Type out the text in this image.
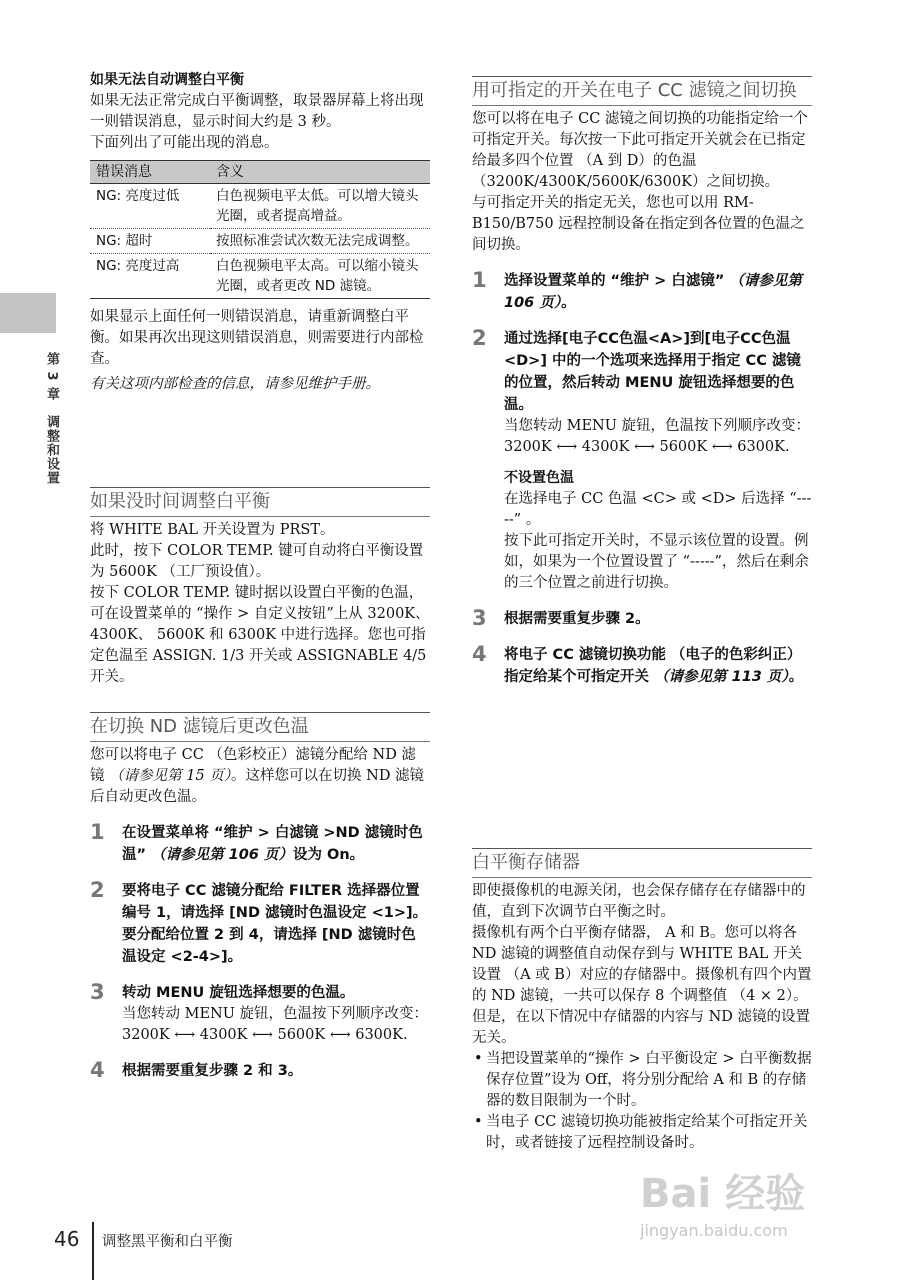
第 3 章　调整和设置

如果无法自动调整白平衡

如果无法正常完成白平衡调整，取景器屏幕上将出现一则错误消息，显示时间大约是 3 秒。

下面列出了可能出现的消息。

错误消息	含义
NG: 亮度过低	白色视频电平太低。可以增大镜头光圈，或者提高增益。
NG: 超时	按照标准尝试次数无法完成调整。
NG: 亮度过高	白色视频电平太高。可以缩小镜头光圈，或者更改 ND 滤镜。

如果显示上面任何一则错误消息，请重新调整白平衡。如果再次出现这则错误消息，则需要进行内部检查。

有关这项内部检查的信息，请参见维护手册。

如果没时间调整白平衡

将 WHITE BAL 开关设置为 PRST。

此时，按下 COLOR TEMP. 键可自动将白平衡设置为 5600K （工厂预设值）。

按下 COLOR TEMP. 键时据以设置白平衡的色温，可在设置菜单的 “操作 > 自定义按钮”上从 3200K、 4300K、 5600K 和 6300K 中进行选择。您也可指定色温至 ASSIGN. 1/3 开关或 ASSIGNABLE 4/5 开关。

在切换 ND 滤镜后更改色温

您可以将电子 CC （色彩校正）滤镜分配给 ND 滤镜 （请参见第 15 页）。这样您可以在切换 ND 滤镜后自动更改色温。

1 在设置菜单将 “维护 > 白滤镜 >ND 滤镜时色温” （请参见第 106 页）设为 On。
2 要将电子 CC 滤镜分配给 FILTER 选择器位置编号 1，请选择 [ND 滤镜时色温设定 <1>]。要分配给位置 2 到 4，请选择 [ND 滤镜时色温设定 <2-4>]。
3 转动 MENU 旋钮选择想要的色温。
当您转动 MENU 旋钮，色温按下列顺序改变：3200K ⟷ 4300K ⟷ 5600K ⟷ 6300K.
4 根据需要重复步骤 2 和 3。

用可指定的开关在电子 CC 滤镜之间切换

您可以将在电子 CC 滤镜之间切换的功能指定给一个可指定开关。每次按一下此可指定开关就会在已指定给最多四个位置 （A 到 D）的色温 （3200K/4300K/5600K/6300K）之间切换。

与可指定开关的指定无关，您也可以用 RM-B150/B750 远程控制设备在指定到各位置的色温之间切换。

1 选择设置菜单的 “维护 > 白滤镜” （请参见第 106 页）。
2 通过选择[电子CC色温<A>]到[电子CC色温 <D>] 中的一个选项来选择用于指定 CC 滤镜的位置，然后转动 MENU 旋钮选择想要的色温。
当您转动 MENU 旋钮，色温按下列顺序改变：3200K ⟷ 4300K ⟷ 5600K ⟷ 6300K.
不设置色温
在选择电子 CC 色温 <C> 或 <D> 后选择 “-----” 。
按下此可指定开关时，不显示该位置的设置。例如，如果为一个位置设置了 “-----”，然后在剩余的三个位置之前进行切换。
3 根据需要重复步骤 2。
4 将电子 CC 滤镜切换功能 （电子的色彩纠正）指定给某个可指定开关 （请参见第 113 页）。

白平衡存储器

即使摄像机的电源关闭，也会保存储存在存储器中的值，直到下次调节白平衡之时。

摄像机有两个白平衡存储器， A 和 B。您可以将各 ND 滤镜的调整值自动保存到与 WHITE BAL 开关设置 （A 或 B）对应的存储器中。摄像机有四个内置的 ND 滤镜，一共可以保存 8 个调整值 （4 × 2）。但是，在以下情况中存储器的内容与 ND 滤镜的设置无关。

• 当把设置菜单的“操作 > 白平衡设定 > 白平衡数据保存位置”设为 Off，将分别分配给 A 和 B 的存储器的数目限制为一个时。

• 当电子 CC 滤镜切换功能被指定给某个可指定开关时，或者链接了远程控制设备时。

46 调整黑平衡和白平衡
Bai 经验
jingyan.baidu.com
